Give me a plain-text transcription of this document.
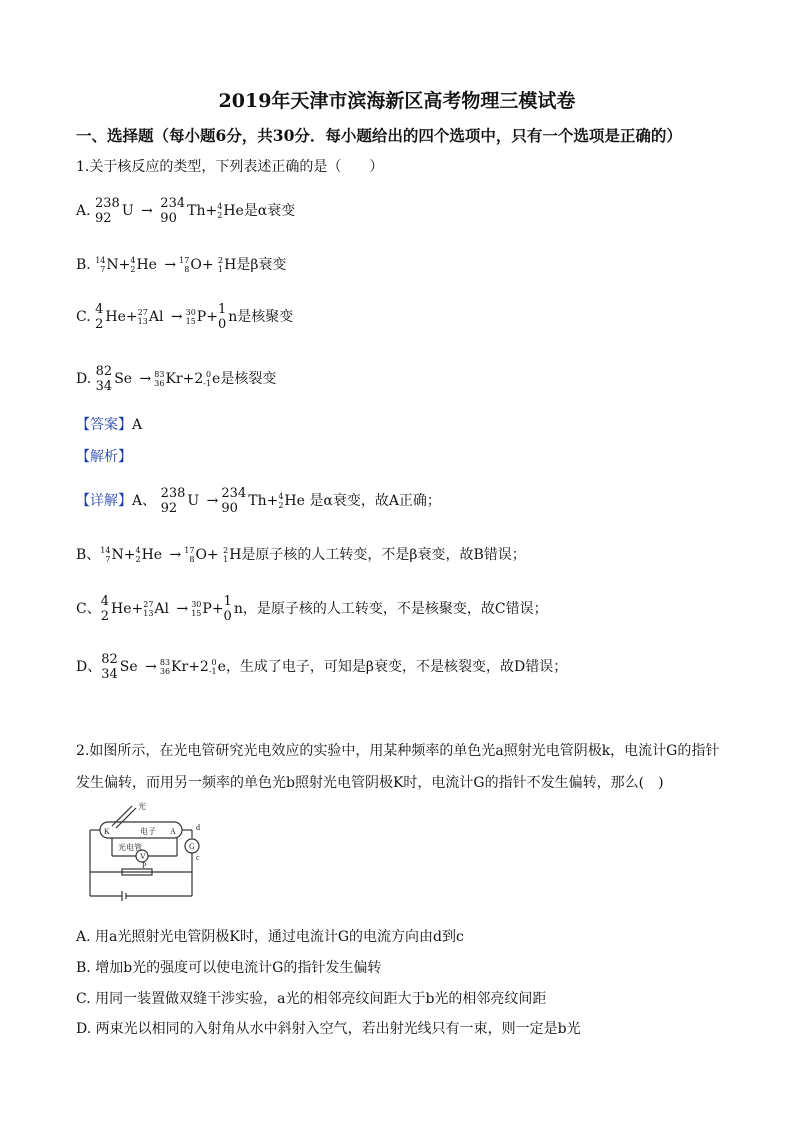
2019年天津市滨海新区高考物理三模试卷
一、选择题（每小题6分，共30分．每小题给出的四个选项中，只有一个选项是正确的）
1.关于核反应的类型，下列表述正确的是（　　）
A. 238
92 U → 234
90 Th+ 4
2 He是α衰变
B. 14
7 N+ 4
2 He → 17
8 O+ 2
1 H是β衰变
C. 4
2 He+ 27
13 Al → 30
15 P+ 1
0 n是核聚变
D. 82
34 Se → 83
36 Kr+2 0
-1 e是核裂变
【答案】A
【解析】
【详解】A、 238
92 U → 234
90 Th+ 4
2 He 是α衰变，故A正确；
B、 14
7 N+ 4
2 He → 17
8 O+ 2
1 H是原子核的人工转变，不是β衰变，故B错误；
C、 4
2 He+ 27
13 Al → 30
15 P+ 1
0 n，是原子核的人工转变，不是核聚变，故C错误；
D、 82
34 Se → 83
36 Kr+2 0
-1 e，生成了电子，可知是β衰变，不是核裂变，故D错误；
2.如图所示，在光电管研究光电效应的实验中，用某种频率的单色光a照射光电管阴极k，电流计G的指针
发生偏转，而用另一频率的单色光b照射光电管阴极K时，电流计G的指针不发生偏转，那么(　)
光
电子
光电管	G
V
d
c
K	A
P
A. 用a光照射光电管阴极K时，通过电流计G的电流方向由d到c
B. 增加b光的强度可以使电流计G的指针发生偏转
C. 用同一装置做双缝干涉实验，a光的相邻亮纹间距大于b光的相邻亮纹间距
D. 两束光以相同的入射角从水中斜射入空气，若出射光线只有一束，则一定是b光
